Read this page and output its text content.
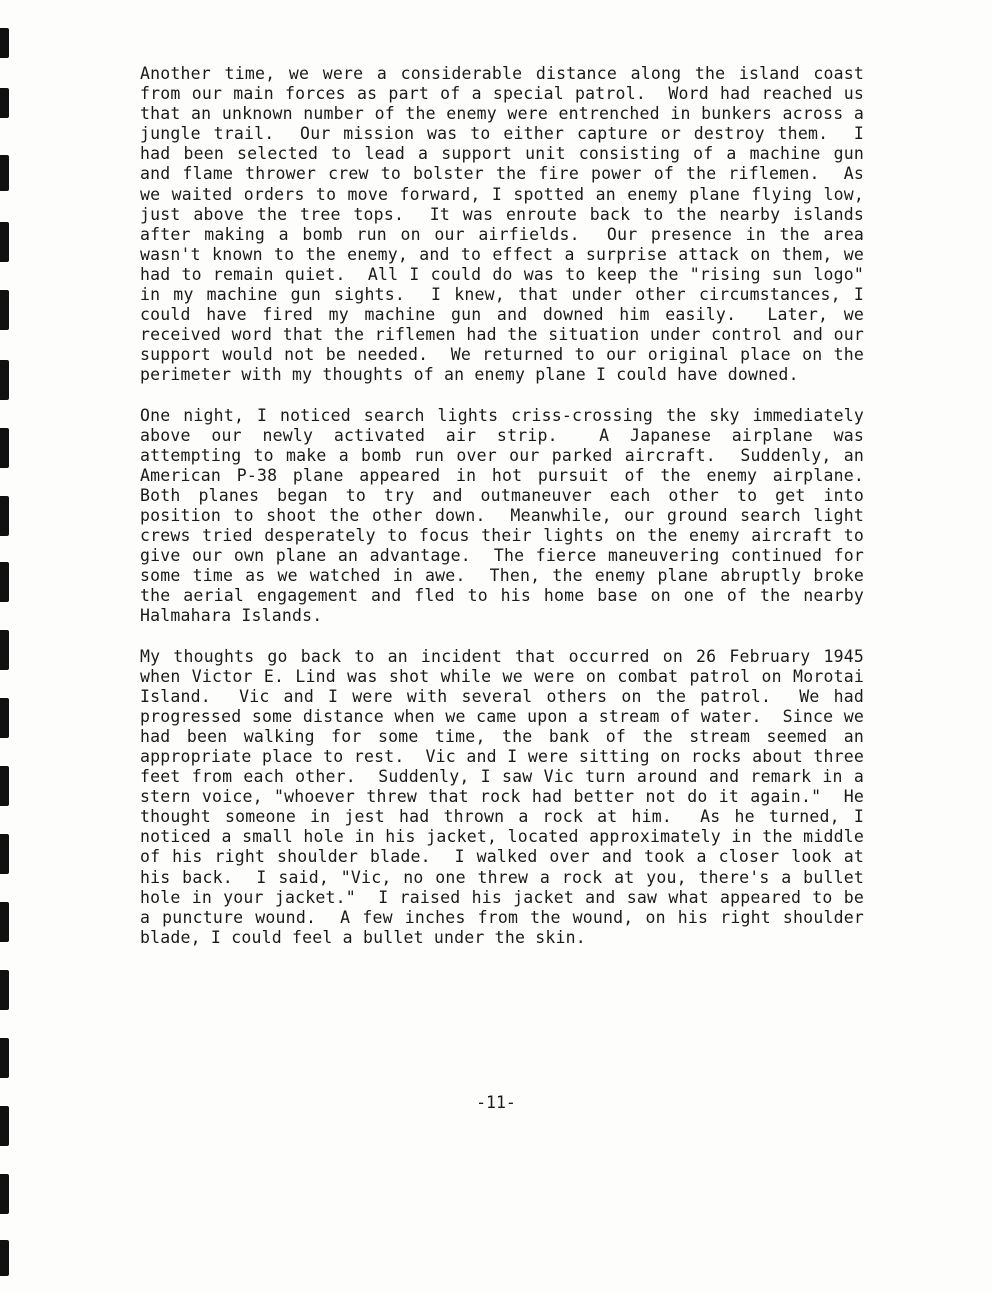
Another time, we were a considerable distance along the island coast from our main forces as part of a special patrol.  Word had reached us that an unknown number of the enemy were entrenched in bunkers across a jungle trail.  Our mission was to either capture or destroy them.  I had been selected to lead a support unit consisting of a machine gun and flame thrower crew to bolster the fire power of the riflemen.  As we waited orders to move forward, I spotted an enemy plane flying low, just above the tree tops.  It was enroute back to the nearby islands after making a bomb run on our airfields.  Our presence in the area wasn't known to the enemy, and to effect a surprise attack on them, we had to remain quiet.  All I could do was to keep the "rising sun logo" in my machine gun sights.  I knew, that under other circumstances, I could have fired my machine gun and downed him easily.  Later, we received word that the riflemen had the situation under control and our support would not be needed.  We returned to our original place on the perimeter with my thoughts of an enemy plane I could have downed.

One night, I noticed search lights criss-crossing the sky immediately above our newly activated air strip.  A Japanese airplane was attempting to make a bomb run over our parked aircraft.  Suddenly, an American P-38 plane appeared in hot pursuit of the enemy airplane.  Both planes began to try and outmaneuver each other to get into position to shoot the other down.  Meanwhile, our ground search light crews tried desperately to focus their lights on the enemy aircraft to give our own plane an advantage.  The fierce maneuvering continued for some time as we watched in awe.  Then, the enemy plane abruptly broke the aerial engagement and fled to his home base on one of the nearby Halmahara Islands.

My thoughts go back to an incident that occurred on 26 February 1945 when Victor E. Lind was shot while we were on combat patrol on Morotai Island.  Vic and I were with several others on the patrol.  We had progressed some distance when we came upon a stream of water.  Since we had been walking for some time, the bank of the stream seemed an appropriate place to rest.  Vic and I were sitting on rocks about three feet from each other.  Suddenly, I saw Vic turn around and remark in a stern voice, "whoever threw that rock had better not do it again."  He thought someone in jest had thrown a rock at him.  As he turned, I noticed a small hole in his jacket, located approximately in the middle of his right shoulder blade.  I walked over and took a closer look at his back.  I said, "Vic, no one threw a rock at you, there's a bullet hole in your jacket."  I raised his jacket and saw what appeared to be a puncture wound.  A few inches from the wound, on his right shoulder blade, I could feel a bullet under the skin.

-11-
